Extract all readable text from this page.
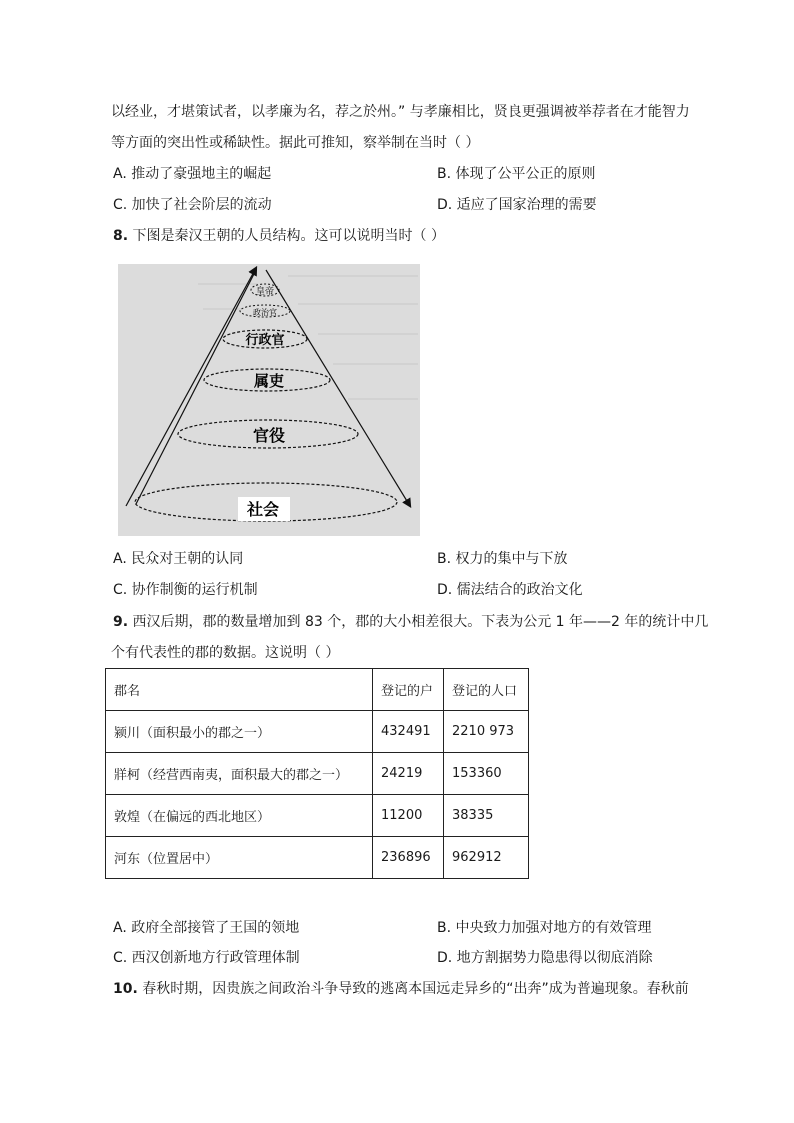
以经业，才堪策试者，以孝廉为名，荐之於州。” 与孝廉相比，贤良更强调被举荐者在才能智力
等方面的突出性或稀缺性。据此可推知，察举制在当时（ ）
A. 推动了豪强地主的崛起	B. 体现了公平公正的原则
C. 加快了社会阶层的流动	D. 适应了国家治理的需要
8. 下图是秦汉王朝的人员结构。这可以说明当时（ ）
皇帝
政治官
行政官
属吏
官役
社会
A. 民众对王朝的认同	B. 权力的集中与下放
C. 协作制衡的运行机制	D. 儒法结合的政治文化
9. 西汉后期，郡的数量增加到 83 个，郡的大小相差很大。下表为公元 1 年——2 年的统计中几
个有代表性的郡的数据。这说明（ ）
郡名	登记的户	登记的人口
颍川（面积最小的郡之一）	432491	2210 973
牂柯（经营西南夷，面积最大的郡之一）	24219	153360
敦煌（在偏远的西北地区）	11200	38335
河东（位置居中）	236896	962912
A. 政府全部接管了王国的领地	B. 中央致力加强对地方的有效管理
C. 西汉创新地方行政管理体制	D. 地方割据势力隐患得以彻底消除
10. 春秋时期，因贵族之间政治斗争导致的逃离本国远走异乡的“出奔”成为普遍现象。春秋前
